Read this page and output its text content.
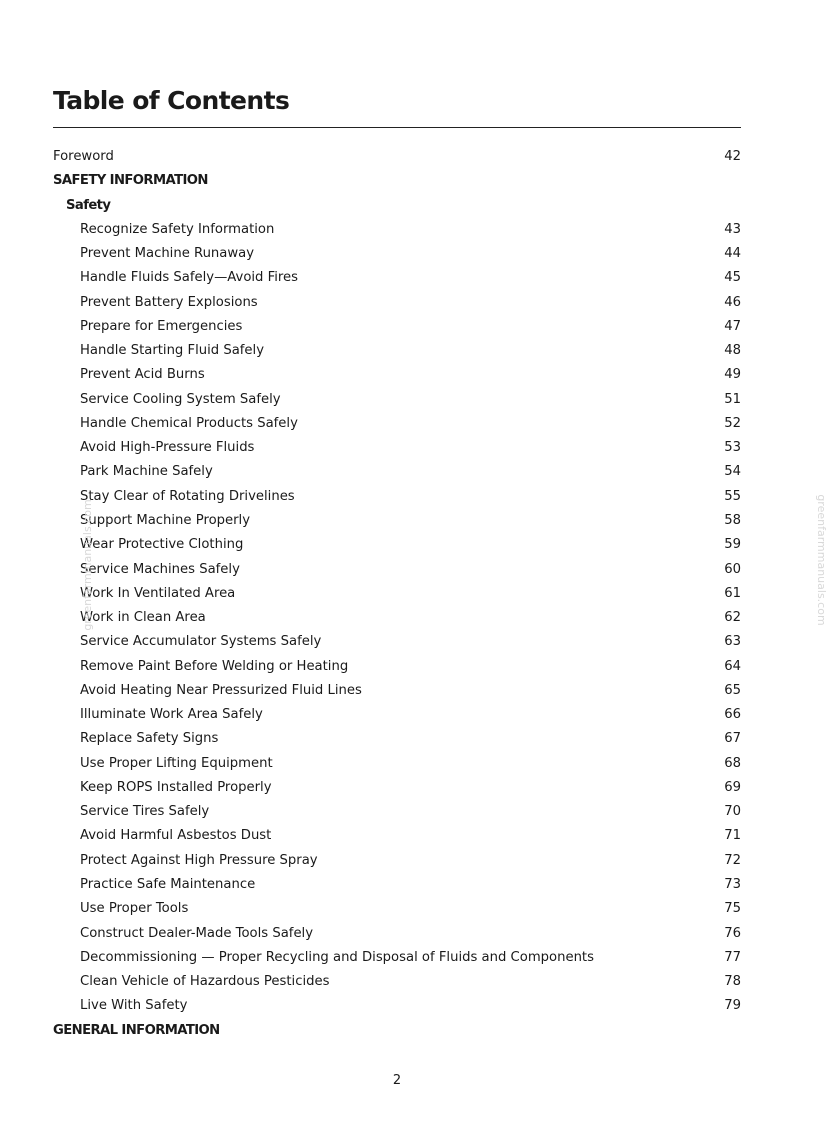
Table of Contents
Foreword	42
SAFETY INFORMATION
Safety
Recognize Safety Information	43
Prevent Machine Runaway	44
Handle Fluids Safely—Avoid Fires	45
Prevent Battery Explosions	46
Prepare for Emergencies	47
Handle Starting Fluid Safely	48
Prevent Acid Burns	49
Service Cooling System Safely	51
Handle Chemical Products Safely	52
Avoid High-Pressure Fluids	53
Park Machine Safely	54
Stay Clear of Rotating Drivelines	55
Support Machine Properly	58
Wear Protective Clothing	59
Service Machines Safely	60
Work In Ventilated Area	61
Work in Clean Area	62
Service Accumulator Systems Safely	63
Remove Paint Before Welding or Heating	64
Avoid Heating Near Pressurized Fluid Lines	65
Illuminate Work Area Safely	66
Replace Safety Signs	67
Use Proper Lifting Equipment	68
Keep ROPS Installed Properly	69
Service Tires Safely	70
Avoid Harmful Asbestos Dust	71
Protect Against High Pressure Spray	72
Practice Safe Maintenance	73
Use Proper Tools	75
Construct Dealer-Made Tools Safely	76
Decommissioning — Proper Recycling and Disposal of Fluids and Components	77
Clean Vehicle of Hazardous Pesticides	78
Live With Safety	79
GENERAL INFORMATION
greenfarmmanuals.com	greenfarmmanuals.com
2
